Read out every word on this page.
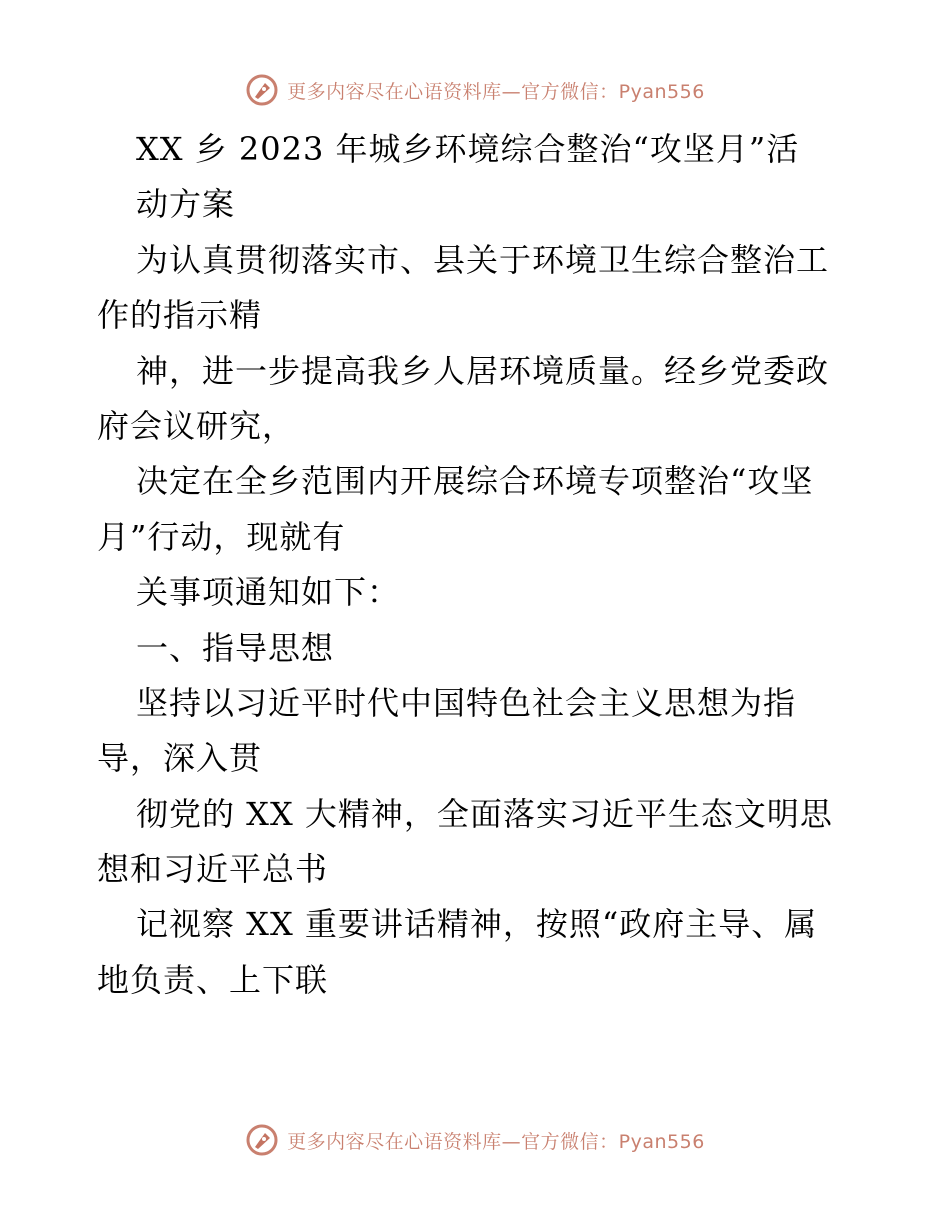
更多内容尽在心语资料库—官方微信：Pyan556
XX 乡 2023 年城乡环境综合整治“攻坚月”活
动方案
为认真贯彻落实市、县关于环境卫生综合整治工
作的指示精
神，进一步提高我乡人居环境质量。经乡党委政
府会议研究，
决定在全乡范围内开展综合环境专项整治“攻坚
月”行动，现就有
关事项通知如下：
一、指导思想
坚持以习近平时代中国特色社会主义思想为指
导，深入贯
彻党的 XX 大精神，全面落实习近平生态文明思
想和习近平总书
记视察 XX 重要讲话精神，按照“政府主导、属
地负责、上下联
更多内容尽在心语资料库—官方微信：Pyan556
